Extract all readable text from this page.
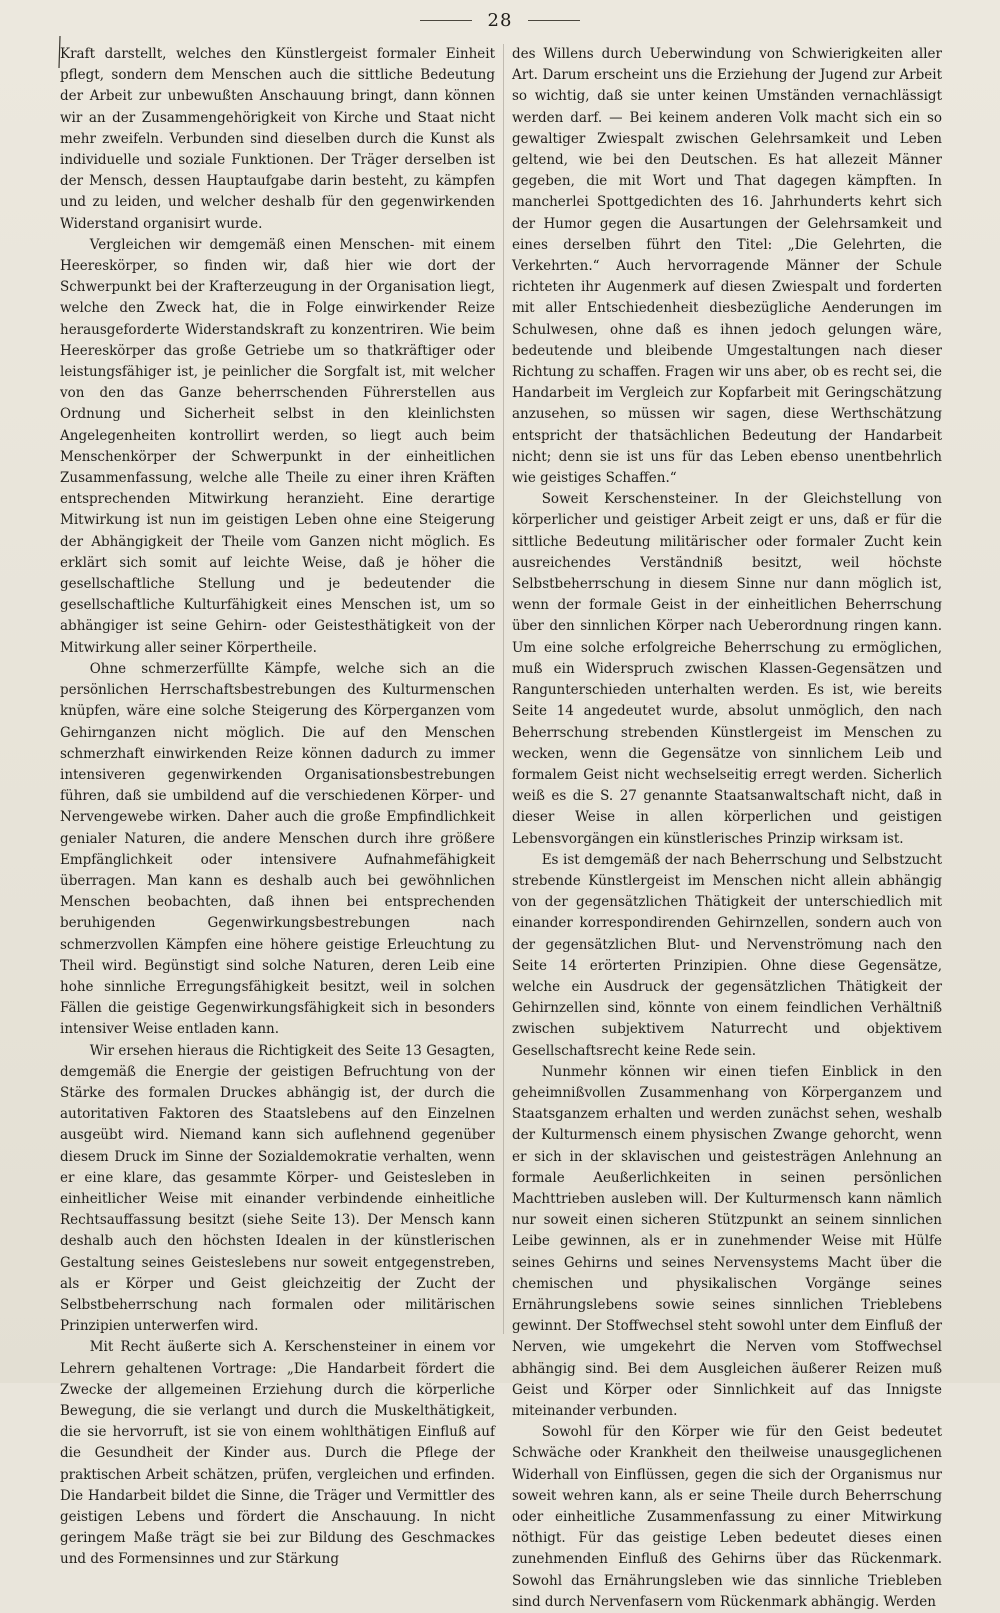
28

Kraft darstellt, welches den Künstlergeist formaler Einheit pflegt, sondern dem Menschen auch die sittliche Bedeutung der Arbeit zur unbewußten Anschauung bringt, dann können wir an der Zusammengehörigkeit von Kirche und Staat nicht mehr zweifeln. Verbunden sind dieselben durch die Kunst als individuelle und soziale Funktionen. Der Träger derselben ist der Mensch, dessen Hauptaufgabe darin besteht, zu kämpfen und zu leiden, und welcher deshalb für den gegenwirkenden Widerstand organisirt wurde.

Vergleichen wir demgemäß einen Menschen- mit einem Heereskörper, so finden wir, daß hier wie dort der Schwerpunkt bei der Krafterzeugung in der Organisation liegt, welche den Zweck hat, die in Folge einwirkender Reize herausgeforderte Widerstandskraft zu konzentriren. Wie beim Heereskörper das große Getriebe um so thatkräftiger oder leistungsfähiger ist, je peinlicher die Sorgfalt ist, mit welcher von den das Ganze beherrschenden Führerstellen aus Ordnung und Sicherheit selbst in den kleinlichsten Angelegenheiten kontrollirt werden, so liegt auch beim Menschenkörper der Schwerpunkt in der einheitlichen Zusammenfassung, welche alle Theile zu einer ihren Kräften entsprechenden Mitwirkung heranzieht. Eine derartige Mitwirkung ist nun im geistigen Leben ohne eine Steigerung der Abhängigkeit der Theile vom Ganzen nicht möglich. Es erklärt sich somit auf leichte Weise, daß je höher die gesellschaftliche Stellung und je bedeutender die gesellschaftliche Kulturfähigkeit eines Menschen ist, um so abhängiger ist seine Gehirn- oder Geistesthätigkeit von der Mitwirkung aller seiner Körpertheile.

Ohne schmerzerfüllte Kämpfe, welche sich an die persönlichen Herrschaftsbestrebungen des Kulturmenschen knüpfen, wäre eine solche Steigerung des Körperganzen vom Gehirnganzen nicht möglich. Die auf den Menschen schmerzhaft einwirkenden Reize können dadurch zu immer intensiveren gegenwirkenden Organisationsbestrebungen führen, daß sie umbildend auf die verschiedenen Körper- und Nervengewebe wirken. Daher auch die große Empfindlichkeit genialer Naturen, die andere Menschen durch ihre größere Empfänglichkeit oder intensivere Aufnahmefähigkeit überragen. Man kann es deshalb auch bei gewöhnlichen Menschen beobachten, daß ihnen bei entsprechenden beruhigenden Gegenwirkungsbestrebungen nach schmerzvollen Kämpfen eine höhere geistige Erleuchtung zu Theil wird. Begünstigt sind solche Naturen, deren Leib eine hohe sinnliche Erregungsfähigkeit besitzt, weil in solchen Fällen die geistige Gegenwirkungsfähigkeit sich in besonders intensiver Weise entladen kann.

Wir ersehen hieraus die Richtigkeit des Seite 13 Gesagten, demgemäß die Energie der geistigen Befruchtung von der Stärke des formalen Druckes abhängig ist, der durch die autoritativen Faktoren des Staatslebens auf den Einzelnen ausgeübt wird. Niemand kann sich auflehnend gegenüber diesem Druck im Sinne der Sozialdemokratie verhalten, wenn er eine klare, das gesammte Körper- und Geistesleben in einheitlicher Weise mit einander verbindende einheitliche Rechtsauffassung besitzt (siehe Seite 13). Der Mensch kann deshalb auch den höchsten Idealen in der künstlerischen Gestaltung seines Geisteslebens nur soweit entgegenstreben, als er Körper und Geist gleichzeitig der Zucht der Selbstbeherrschung nach formalen oder militärischen Prinzipien unterwerfen wird.

Mit Recht äußerte sich A. Kerschensteiner in einem vor Lehrern gehaltenen Vortrage: „Die Handarbeit fördert die Zwecke der allgemeinen Erziehung durch die körperliche Bewegung, die sie verlangt und durch die Muskelthätigkeit, die sie hervorruft, ist sie von einem wohlthätigen Einfluß auf die Gesundheit der Kinder aus. Durch die Pflege der praktischen Arbeit schätzen, prüfen, vergleichen und erfinden. Die Handarbeit bildet die Sinne, die Träger und Vermittler des geistigen Lebens und fördert die Anschauung. In nicht geringem Maße trägt sie bei zur Bildung des Geschmackes und des Formensinnes und zur Stärkung

des Willens durch Ueberwindung von Schwierigkeiten aller Art. Darum erscheint uns die Erziehung der Jugend zur Arbeit so wichtig, daß sie unter keinen Umständen vernachlässigt werden darf. — Bei keinem anderen Volk macht sich ein so gewaltiger Zwiespalt zwischen Gelehrsamkeit und Leben geltend, wie bei den Deutschen. Es hat allezeit Männer gegeben, die mit Wort und That dagegen kämpften. In mancherlei Spottgedichten des 16. Jahrhunderts kehrt sich der Humor gegen die Ausartungen der Gelehrsamkeit und eines derselben führt den Titel: „Die Gelehrten, die Verkehrten.“ Auch hervorragende Männer der Schule richteten ihr Augenmerk auf diesen Zwiespalt und forderten mit aller Entschiedenheit diesbezügliche Aenderungen im Schulwesen, ohne daß es ihnen jedoch gelungen wäre, bedeutende und bleibende Umgestaltungen nach dieser Richtung zu schaffen. Fragen wir uns aber, ob es recht sei, die Handarbeit im Vergleich zur Kopfarbeit mit Geringschätzung anzusehen, so müssen wir sagen, diese Werthschätzung entspricht der thatsächlichen Bedeutung der Handarbeit nicht; denn sie ist uns für das Leben ebenso unentbehrlich wie geistiges Schaffen.“

Soweit Kerschensteiner. In der Gleichstellung von körperlicher und geistiger Arbeit zeigt er uns, daß er für die sittliche Bedeutung militärischer oder formaler Zucht kein ausreichendes Verständniß besitzt, weil höchste Selbstbeherrschung in diesem Sinne nur dann möglich ist, wenn der formale Geist in der einheitlichen Beherrschung über den sinnlichen Körper nach Ueberordnung ringen kann. Um eine solche erfolgreiche Beherrschung zu ermöglichen, muß ein Widerspruch zwischen Klassen-Gegensätzen und Rangunterschieden unterhalten werden. Es ist, wie bereits Seite 14 angedeutet wurde, absolut unmöglich, den nach Beherrschung strebenden Künstlergeist im Menschen zu wecken, wenn die Gegensätze von sinnlichem Leib und formalem Geist nicht wechselseitig erregt werden. Sicherlich weiß es die S. 27 genannte Staatsanwaltschaft nicht, daß in dieser Weise in allen körperlichen und geistigen Lebensvorgängen ein künstlerisches Prinzip wirksam ist.

Es ist demgemäß der nach Beherrschung und Selbstzucht strebende Künstlergeist im Menschen nicht allein abhängig von der gegensätzlichen Thätigkeit der unterschiedlich mit einander korrespondirenden Gehirnzellen, sondern auch von der gegensätzlichen Blut- und Nervenströmung nach den Seite 14 erörterten Prinzipien. Ohne diese Gegensätze, welche ein Ausdruck der gegensätzlichen Thätigkeit der Gehirnzellen sind, könnte von einem feindlichen Verhältniß zwischen subjektivem Naturrecht und objektivem Gesellschaftsrecht keine Rede sein.

Nunmehr können wir einen tiefen Einblick in den geheimnißvollen Zusammenhang von Körperganzem und Staatsganzem erhalten und werden zunächst sehen, weshalb der Kulturmensch einem physischen Zwange gehorcht, wenn er sich in der sklavischen und geistesträgen Anlehnung an formale Aeußerlichkeiten in seinen persönlichen Machttrieben ausleben will. Der Kulturmensch kann nämlich nur soweit einen sicheren Stützpunkt an seinem sinnlichen Leibe gewinnen, als er in zunehmender Weise mit Hülfe seines Gehirns und seines Nervensystems Macht über die chemischen und physikalischen Vorgänge seines Ernährungslebens sowie seines sinnlichen Trieblebens gewinnt. Der Stoffwechsel steht sowohl unter dem Einfluß der Nerven, wie umgekehrt die Nerven vom Stoffwechsel abhängig sind. Bei dem Ausgleichen äußerer Reizen muß Geist und Körper oder Sinnlichkeit auf das Innigste miteinander verbunden.

Sowohl für den Körper wie für den Geist bedeutet Schwäche oder Krankheit den theilweise unausgeglichenen Widerhall von Einflüssen, gegen die sich der Organismus nur soweit wehren kann, als er seine Theile durch Beherrschung oder einheitliche Zusammenfassung zu einer Mitwirkung nöthigt. Für das geistige Leben bedeutet dieses einen zunehmenden Einfluß des Gehirns über das Rückenmark. Sowohl das Ernährungsleben wie das sinnliche Triebleben sind durch Nervenfasern vom Rückenmark abhängig. Werden
